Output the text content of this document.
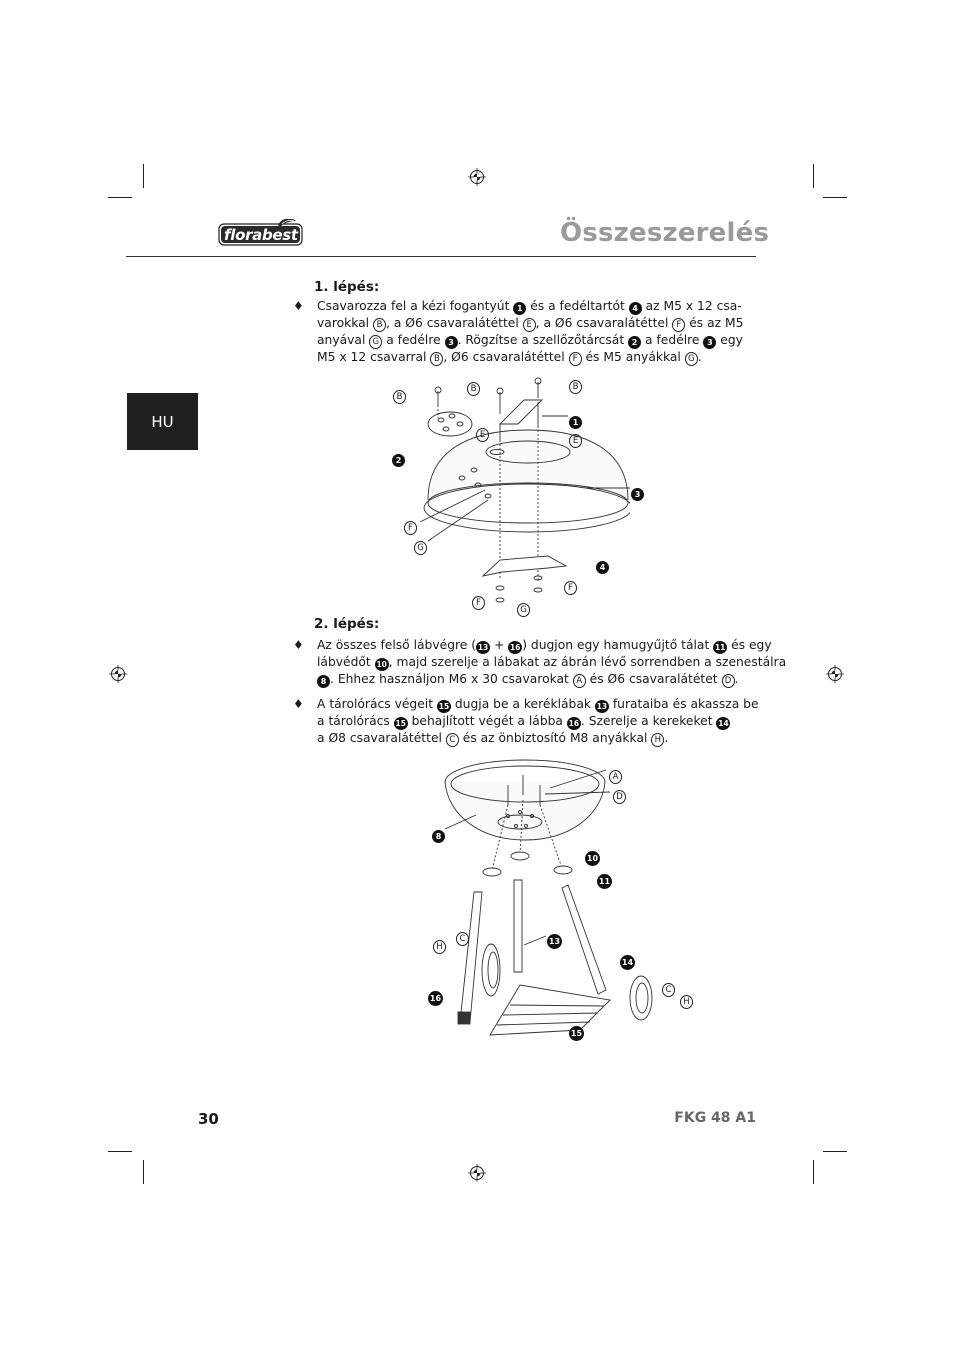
florabest	Összeszerelés
HU
1. lépés:
♦ Csavarozza fel a kézi fogantyút 1 és a fedéltartót 4 az M5 x 12 csa-
varokkal B , a Ø6 csavaralátéttel E , a Ø6 csavaralátéttel F és az M5
anyával G a fedélre 3 . Rögzítse a szellőzőtárcsát 2 a fedélre 3 egy
M5 x 12 csavarral B , Ø6 csavaralátéttel F és M5 anyákkal G .
B
B	B
1
E
E
2
3
F
G
4
F
F
G
2. lépés:
♦ Az összes felső lábvégre ( 13 + 16 ) dugjon egy hamugyűjtő tálat 11 és egy
lábvédőt 10 , majd szerelje a lábakat az ábrán lévő sorrendben a szenestálra
8 . Ehhez használjon M6 x 30 csavarokat A és Ø6 csavaralátétet D .
♦ A tárolórács végeit 15 dugja be a keréklábak 13 furataiba és akassza be
a tárolórács 15 behajlított végét a lábba 16 . Szerelje a kerekeket 14
a Ø8 csavaralátéttel C és az önbiztosító M8 anyákkal H .
A
D
8
10
11
H
C	13
14
C
H
16
15
30	FKG 48 A1
